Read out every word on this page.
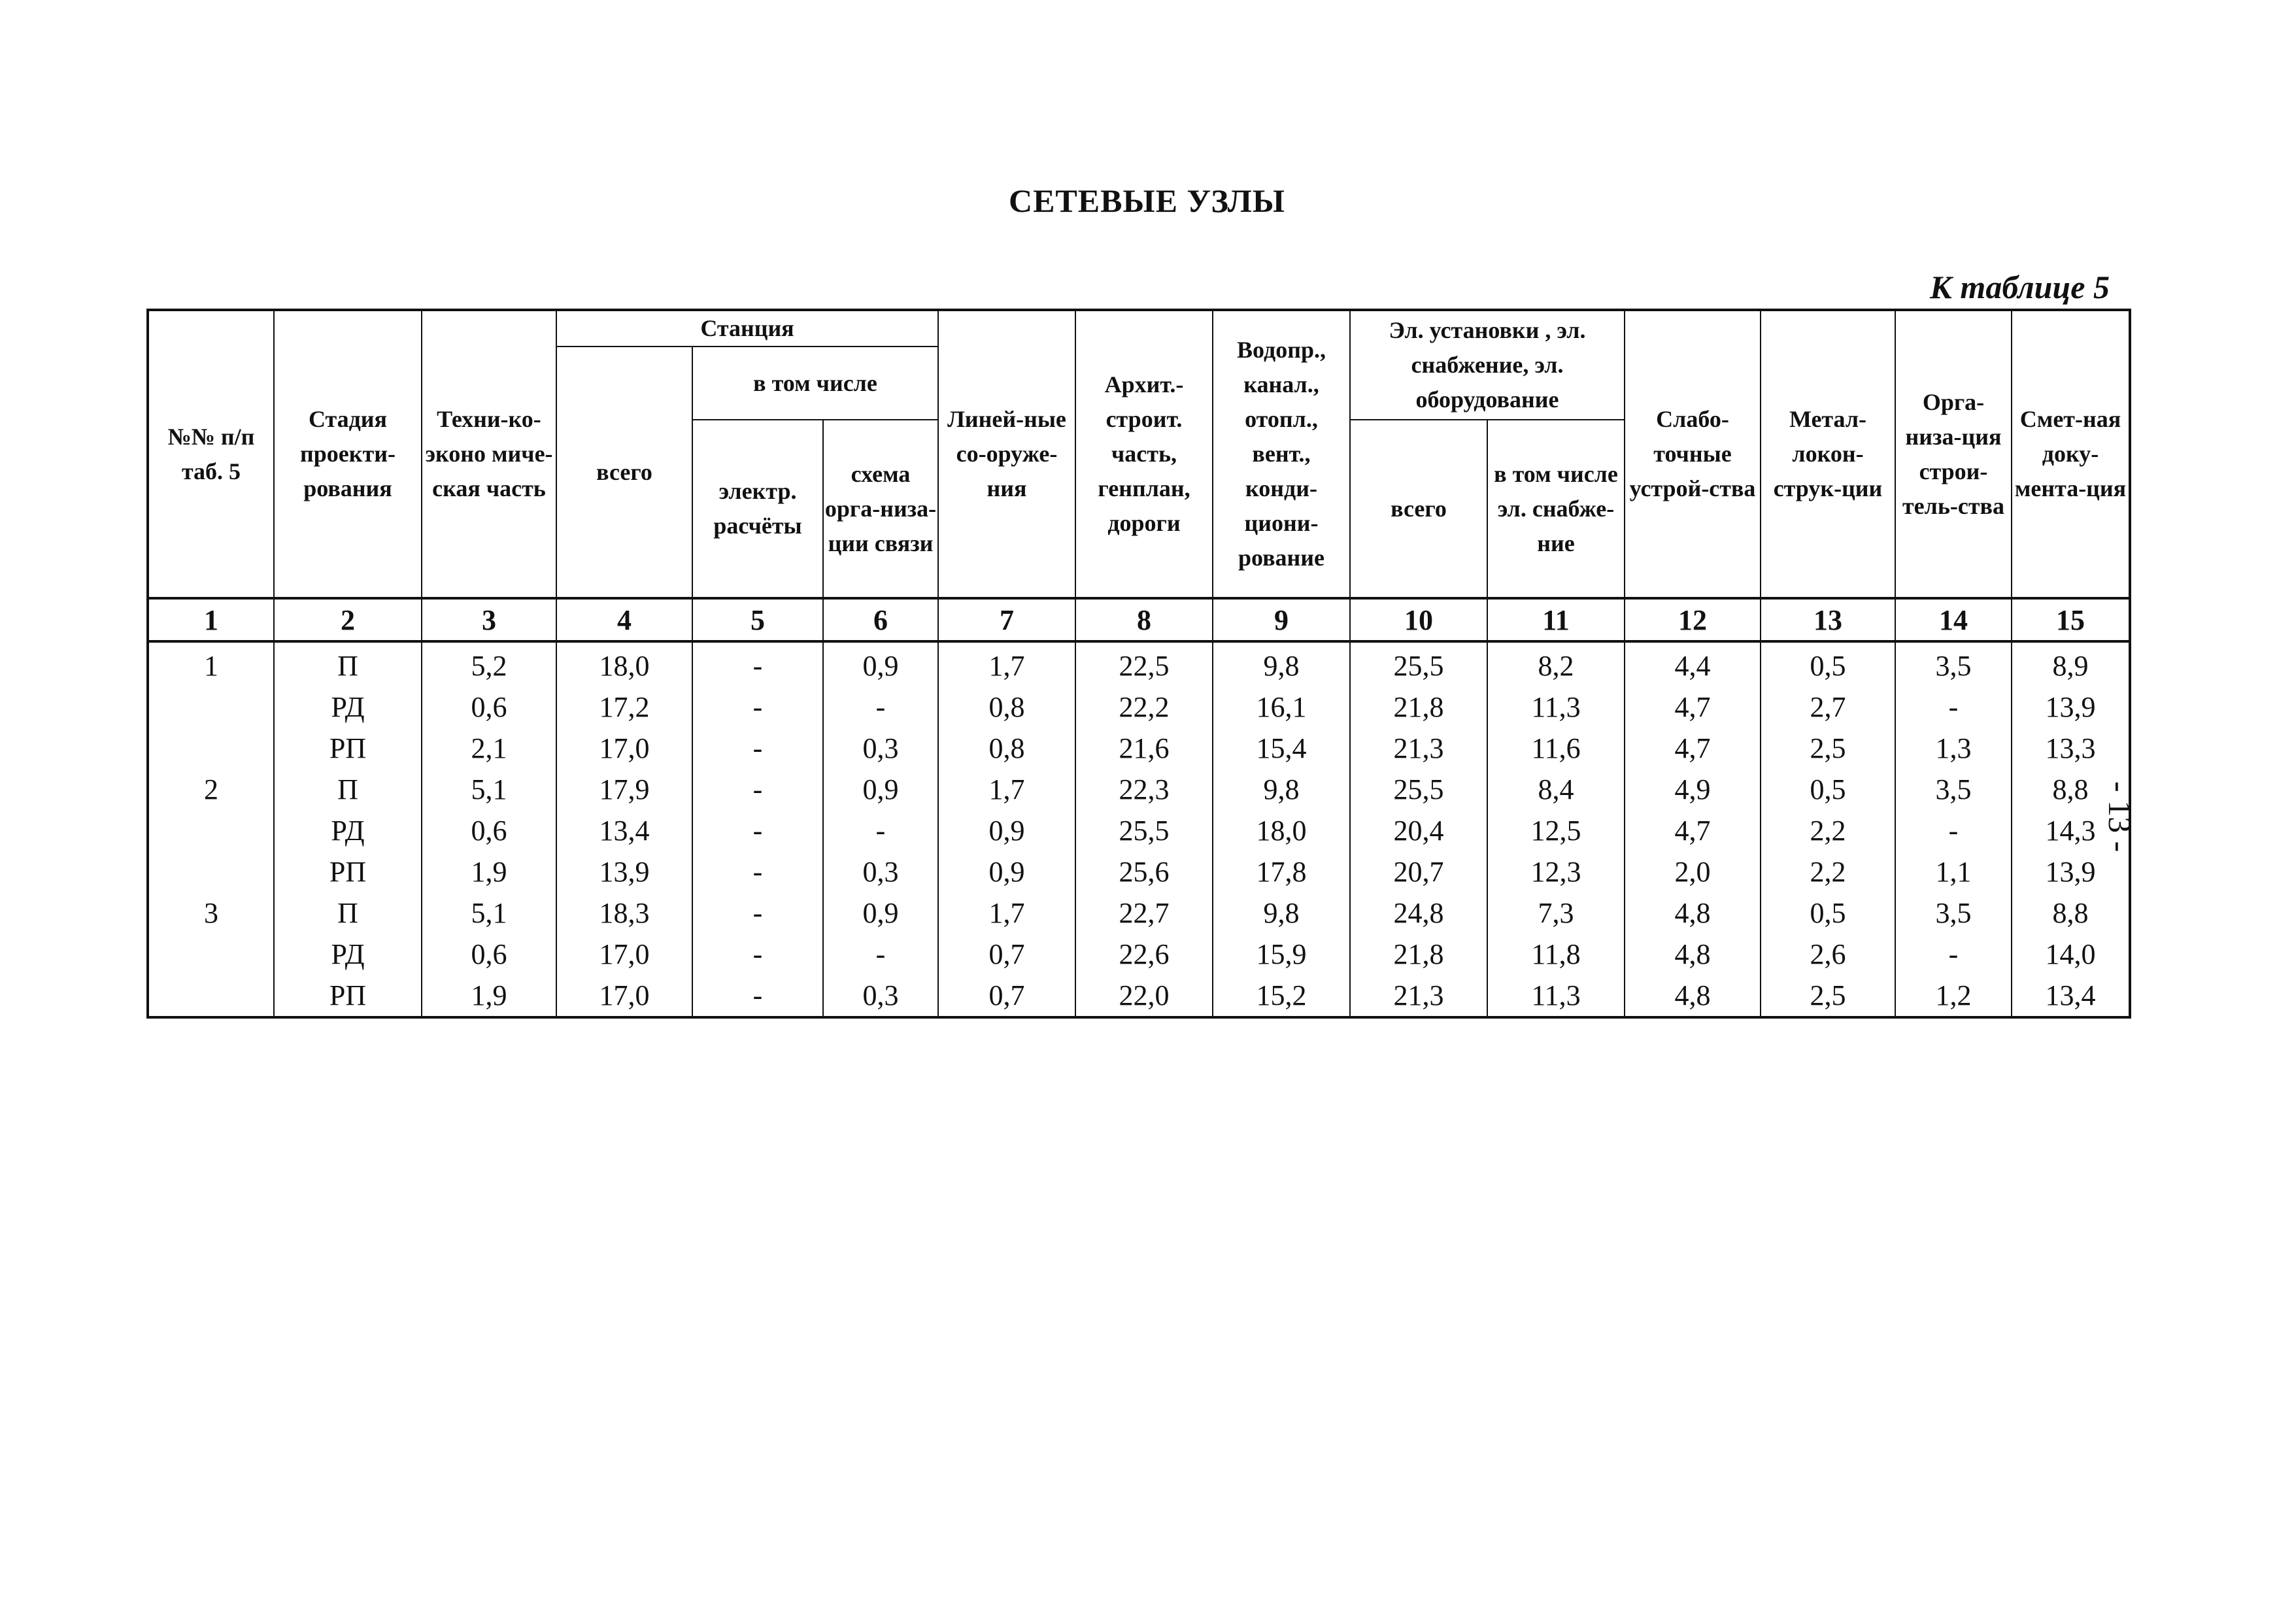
СЕТЕВЫЕ УЗЛЫ
К таблице 5
- 13 -
№№ п/п таб. 5	Стадия проекти-рования	Техни-ко-эконо миче-ская часть	Станция			Линей-ные со-оруже-ния	Архит.-строит. часть, генплан, дороги	Водопр., канал., отопл., вент., конди-циони-рование	Эл. установки , эл. снабжение, эл. оборудование		Слабо-точные устрой-ства	Метал-локон-струк-ции	Орга-низа-ция строи-тель-ства	Смет-ная доку-мента-ция
			всего	в том числе										
				электр. расчёты	схема орга-низа-ции связи				всего	в том числе эл. снабже-ние				
1	2	3	4	5	6	7	8	9	10	11	12	13	14	15
1	П	5,2	18,0	-	0,9	1,7	22,5	9,8	25,5	8,2	4,4	0,5	3,5	8,9
	РД	0,6	17,2	-	-	0,8	22,2	16,1	21,8	11,3	4,7	2,7	-	13,9
	РП	2,1	17,0	-	0,3	0,8	21,6	15,4	21,3	11,6	4,7	2,5	1,3	13,3
2	П	5,1	17,9	-	0,9	1,7	22,3	9,8	25,5	8,4	4,9	0,5	3,5	8,8
	РД	0,6	13,4	-	-	0,9	25,5	18,0	20,4	12,5	4,7	2,2	-	14,3
	РП	1,9	13,9	-	0,3	0,9	25,6	17,8	20,7	12,3	2,0	2,2	1,1	13,9
3	П	5,1	18,3	-	0,9	1,7	22,7	9,8	24,8	7,3	4,8	0,5	3,5	8,8
	РД	0,6	17,0	-	-	0,7	22,6	15,9	21,8	11,8	4,8	2,6	-	14,0
	РП	1,9	17,0	-	0,3	0,7	22,0	15,2	21,3	11,3	4,8	2,5	1,2	13,4
